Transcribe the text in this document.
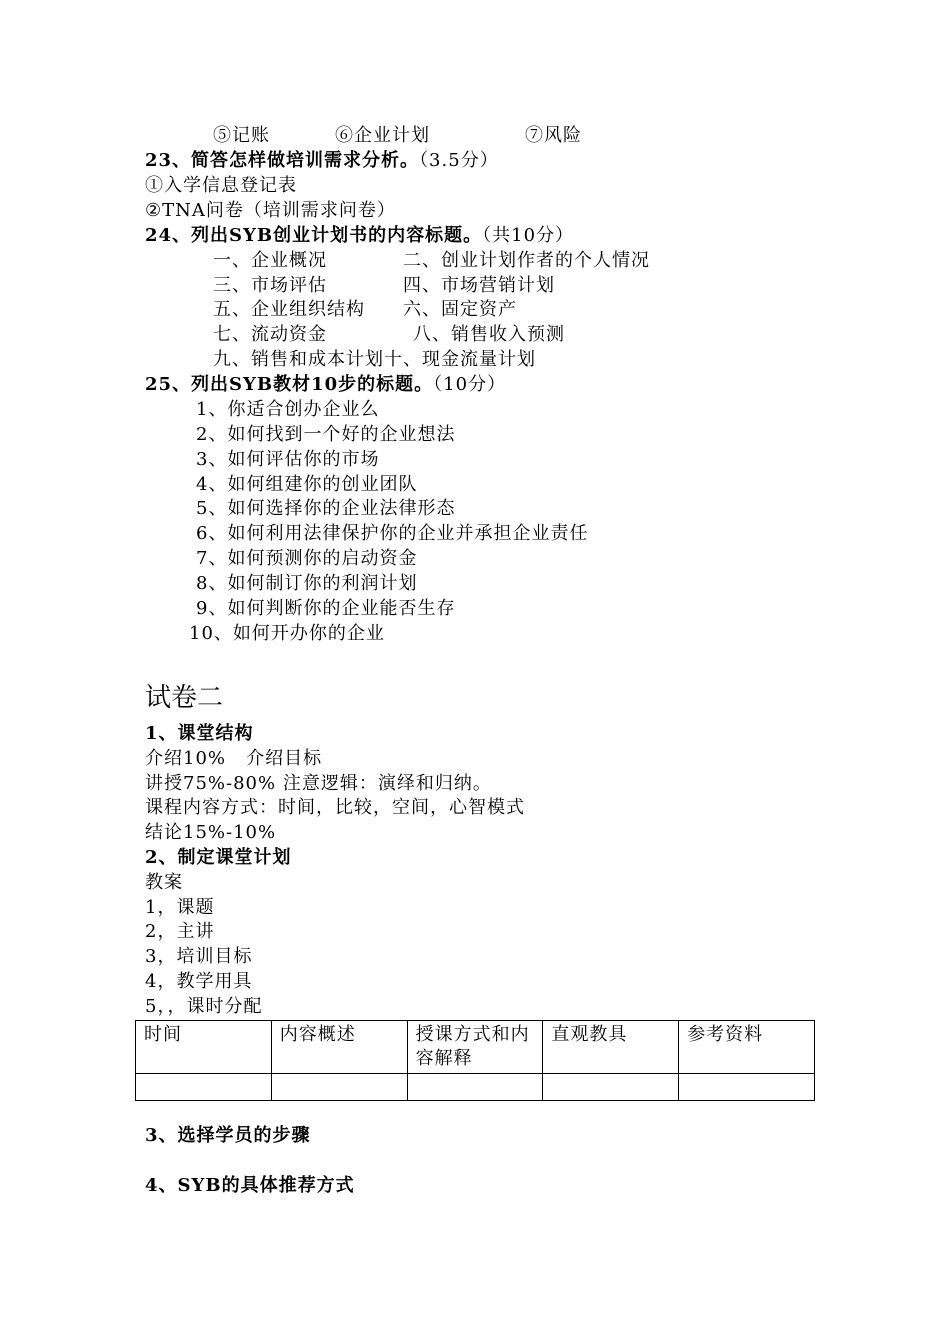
⑤记账	⑥企业计划	⑦风险
23、简答怎样做培训需求分析。（3.5分）
①入学信息登记表
②TNA问卷（培训需求问卷）
24、列出SYB创业计划书的内容标题。（共10分）
一、企业概况	二、创业计划作者的个人情况
三、市场评估	四、市场营销计划
五、企业组织结构 六、固定资产
七、流动资金	八、销售收入预测
九、销售和成本计划十、现金流量计划
25、列出SYB教材10步的标题。（10分）
1、你适合创办企业么
2、如何找到一个好的企业想法
3、如何评估你的市场
4、如何组建你的创业团队
5、如何选择你的企业法律形态
6、如何利用法律保护你的企业并承担企业责任
7、如何预测你的启动资金
8、如何制订你的利润计划
9、如何判断你的企业能否生存
10、如何开办你的企业
试卷二
1、课堂结构
介绍10%   介绍目标
讲授75%-80% 注意逻辑：演绎和归纳。
课程内容方式：时间，比较，空间，心智模式
结论15%-10%
2、制定课堂计划
教案
1，课题
2，主讲
3，培训目标
4，教学用具
5，，课时分配
时间	内容概述	授课方式和内容解释	直观教具	参考资料

3、选择学员的步骤
4、SYB的具体推荐方式
